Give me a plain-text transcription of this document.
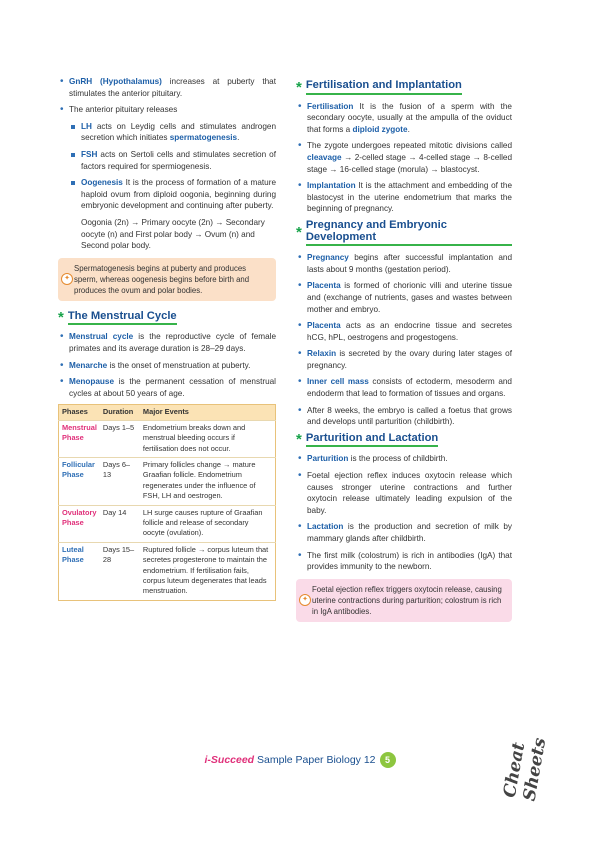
• GnRH (Hypothalamus) increases at puberty that stimulates the anterior pituitary.
• The anterior pituitary releases
LH acts on Leydig cells and stimulates androgen secretion which initiates spermatogenesis.
FSH acts on Sertoli cells and stimulates secretion of factors required for spermiogenesis.
Oogenesis It is the process of formation of a mature haploid ovum from diploid oogonia, beginning during embryonic development and continuing after puberty.
Oogonia (2n) → Primary oocyte (2n) → Secondary oocyte (n) and First polar body → Ovum (n) and Second polar body.
✦
Spermatogenesis begins at puberty and produces sperm, whereas oogenesis begins before birth and produces the ovum and polar bodies.
* The Menstrual Cycle
• Menstrual cycle is the reproductive cycle of female primates and its average duration is 28–29 days.
• Menarche is the onset of menstruation at puberty.
• Menopause is the permanent cessation of menstrual cycles at about 50 years of age.
Phases	Duration	Major Events
Menstrual Phase	Days 1–5	Endometrium breaks down and menstrual bleeding occurs if fertilisation does not occur.
Follicular Phase	Days 6–13	Primary follicles change → mature Graafian follicle. Endometrium regenerates under the influence of FSH, LH and oestrogen.
Ovulatory Phase	Day 14	LH surge causes rupture of Graafian follicle and release of secondary oocyte (ovulation).
Luteal Phase	Days 15–28	Ruptured follicle → corpus luteum that secretes progesterone to maintain the endometrium. If fertilisation fails, corpus luteum degenerates that leads menstruation.
* Fertilisation and Implantation
• Fertilisation It is the fusion of a sperm with the secondary oocyte, usually at the ampulla of the oviduct that forms a diploid zygote.
• The zygote undergoes repeated mitotic divisions called cleavage → 2-celled stage → 4-celled stage → 8-celled stage → 16-celled stage (morula) → blastocyst.
• Implantation It is the attachment and embedding of the blastocyst in the uterine endometrium that marks the beginning of pregnancy.
* Pregnancy and Embryonic Development
• Pregnancy begins after successful implantation and lasts about 9 months (gestation period).
• Placenta is formed of chorionic villi and uterine tissue and (exchange of nutrients, gases and wastes between mother and embryo.
• Placenta acts as an endocrine tissue and secretes hCG, hPL, oestrogens and progestogens.
• Relaxin is secreted by the ovary during later stages of pregnancy.
• Inner cell mass consists of ectoderm, mesoderm and endoderm that lead to formation of tissues and organs.
• After 8 weeks, the embryo is called a foetus that grows and develops until parturition (childbirth).
* Parturition and Lactation
• Parturition is the process of childbirth.
• Foetal ejection reflex induces oxytocin release which causes stronger uterine contractions and further oxytocin release ultimately leading expulsion of the baby.
• Lactation is the production and secretion of milk by mammary glands after childbirth.
• The first milk (colostrum) is rich in antibodies (IgA) that provides immunity to the newborn.
✦
Foetal ejection reflex triggers oxytocin release, causing uterine contractions during parturition; colostrum is rich in IgA antibodies.
i-Succeed Sample Paper Biology 12 5	Cheat Sheets
